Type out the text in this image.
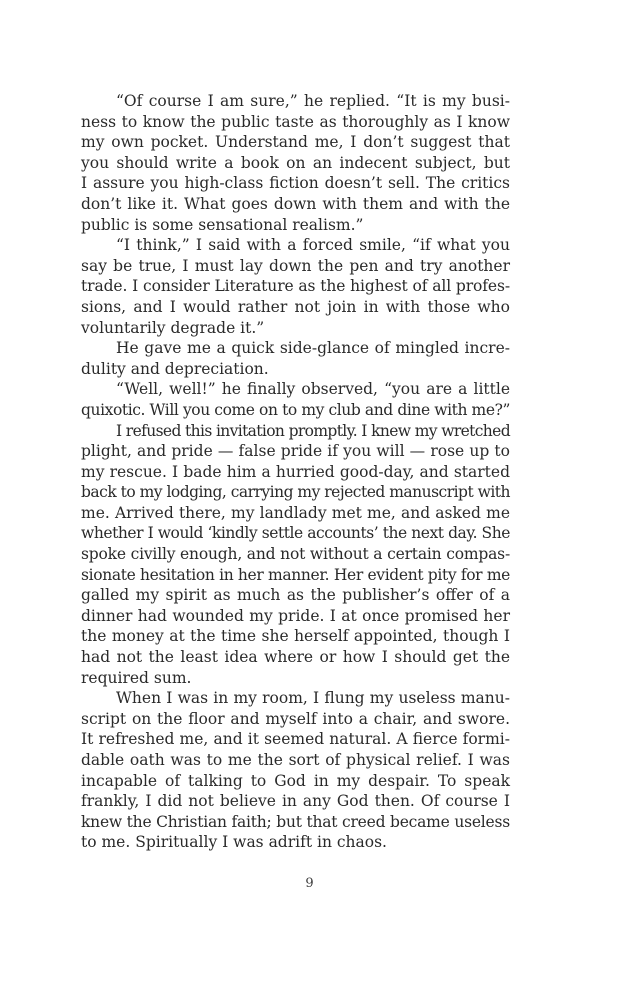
“Of course I am sure,” he replied. “It is my busi-
ness to know the public taste as thoroughly as I know
my own pocket. Understand me, I don’t suggest that
you should write a book on an indecent subject, but
I assure you high-class fiction doesn’t sell. The critics
don’t like it. What goes down with them and with the
public is some sensational realism.”
“I think,” I said with a forced smile, “if what you
say be true, I must lay down the pen and try another
trade. I consider Literature as the highest of all profes-
sions, and I would rather not join in with those who
voluntarily degrade it.”
He gave me a quick side-glance of mingled incre-
dulity and depreciation.
“Well, well!” he finally observed, “you are a little
quixotic. Will you come on to my club and dine with me?”
I refused this invitation promptly. I knew my wretched
plight, and pride — false pride if you will — rose up to
my rescue. I bade him a hurried good-day, and started
back to my lodging, carrying my rejected manuscript with
me. Arrived there, my landlady met me, and asked me
whether I would ‘kindly settle accounts’ the next day. She
spoke civilly enough, and not without a certain compas-
sionate hesitation in her manner. Her evident pity for me
galled my spirit as much as the publisher’s offer of a
dinner had wounded my pride. I at once promised her
the money at the time she herself appointed, though I
had not the least idea where or how I should get the
required sum.
When I was in my room, I flung my useless manu-
script on the floor and myself into a chair, and swore.
It refreshed me, and it seemed natural. A fierce formi-
dable oath was to me the sort of physical relief. I was
incapable of talking to God in my despair. To speak
frankly, I did not believe in any God then. Of course I
knew the Christian faith; but that creed became useless
to me. Spiritually I was adrift in chaos.
9
